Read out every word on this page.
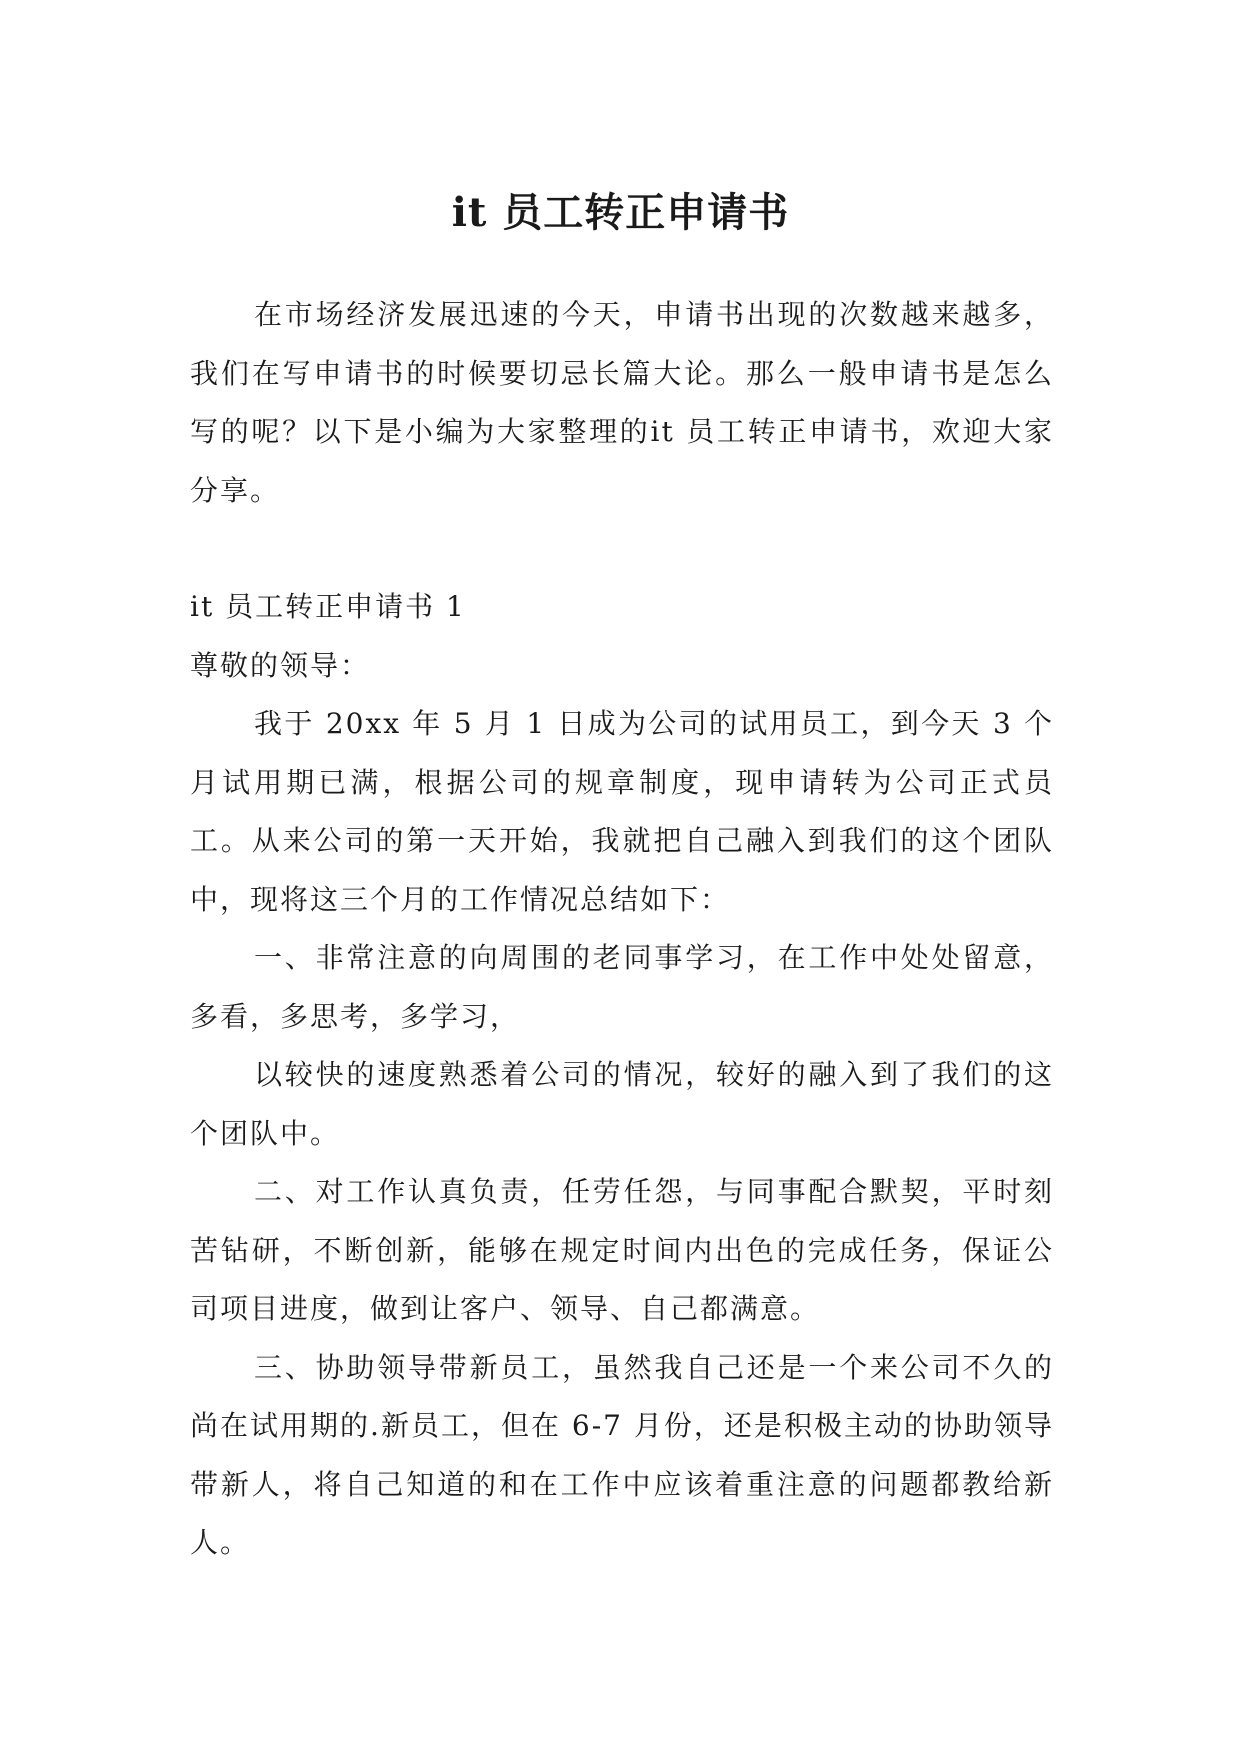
it 员工转正申请书

在市场经济发展迅速的今天，申请书出现的次数越来越多，我们在写申请书的时候要切忌长篇大论。那么一般申请书是怎么写的呢？以下是小编为大家整理的it 员工转正申请书，欢迎大家分享。

it 员工转正申请书 1

尊敬的领导：

我于 20xx 年 5 月 1 日成为公司的试用员工，到今天 3 个月试用期已满，根据公司的规章制度，现申请转为公司正式员工。从来公司的第一天开始，我就把自己融入到我们的这个团队中，现将这三个月的工作情况总结如下：

一、非常注意的向周围的老同事学习，在工作中处处留意，多看，多思考，多学习，

以较快的速度熟悉着公司的情况，较好的融入到了我们的这个团队中。

二、对工作认真负责，任劳任怨，与同事配合默契，平时刻苦钻研，不断创新，能够在规定时间内出色的完成任务，保证公司项目进度，做到让客户、领导、自己都满意。

三、协助领导带新员工，虽然我自己还是一个来公司不久的尚在试用期的.新员工，但在 6-7 月份，还是积极主动的协助领导带新人，将自己知道的和在工作中应该着重注意的问题都教给新人。
